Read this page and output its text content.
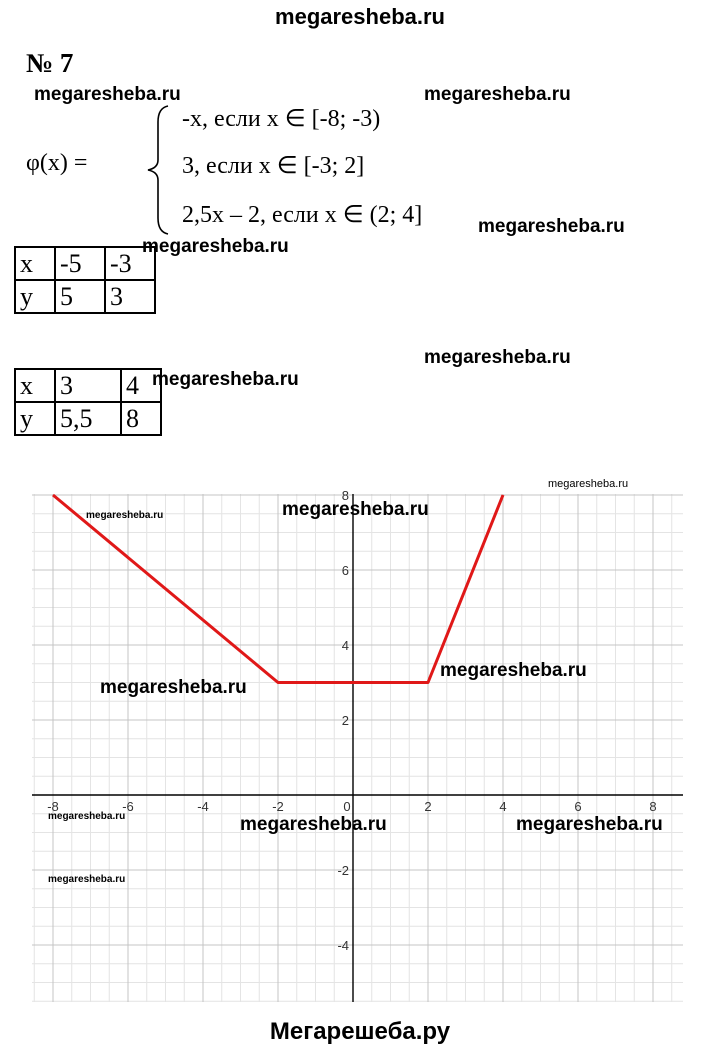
megaresheba.ru
№ 7
φ(x) =
-x, если x ∈ [-8; -3)
3, если x ∈ [-3; 2]
2,5x – 2, если x ∈ (2; 4]
x	-5	-3
y	5	3
x	3	4
y	5,5	8
-8	-6	-4	-2	0	2	4	6	8
-4
-2
2
4
6
8
megaresheba.ru	megaresheba.ru
megaresheba.ru
megaresheba.ru
megaresheba.ru
megaresheba.ru
megaresheba.ru
megaresheba.ru	megaresheba.ru
megaresheba.ru
megaresheba.ru
megaresheba.ru	megaresheba.ru	megaresheba.ru
megaresheba.ru
Мегарешеба.ру
